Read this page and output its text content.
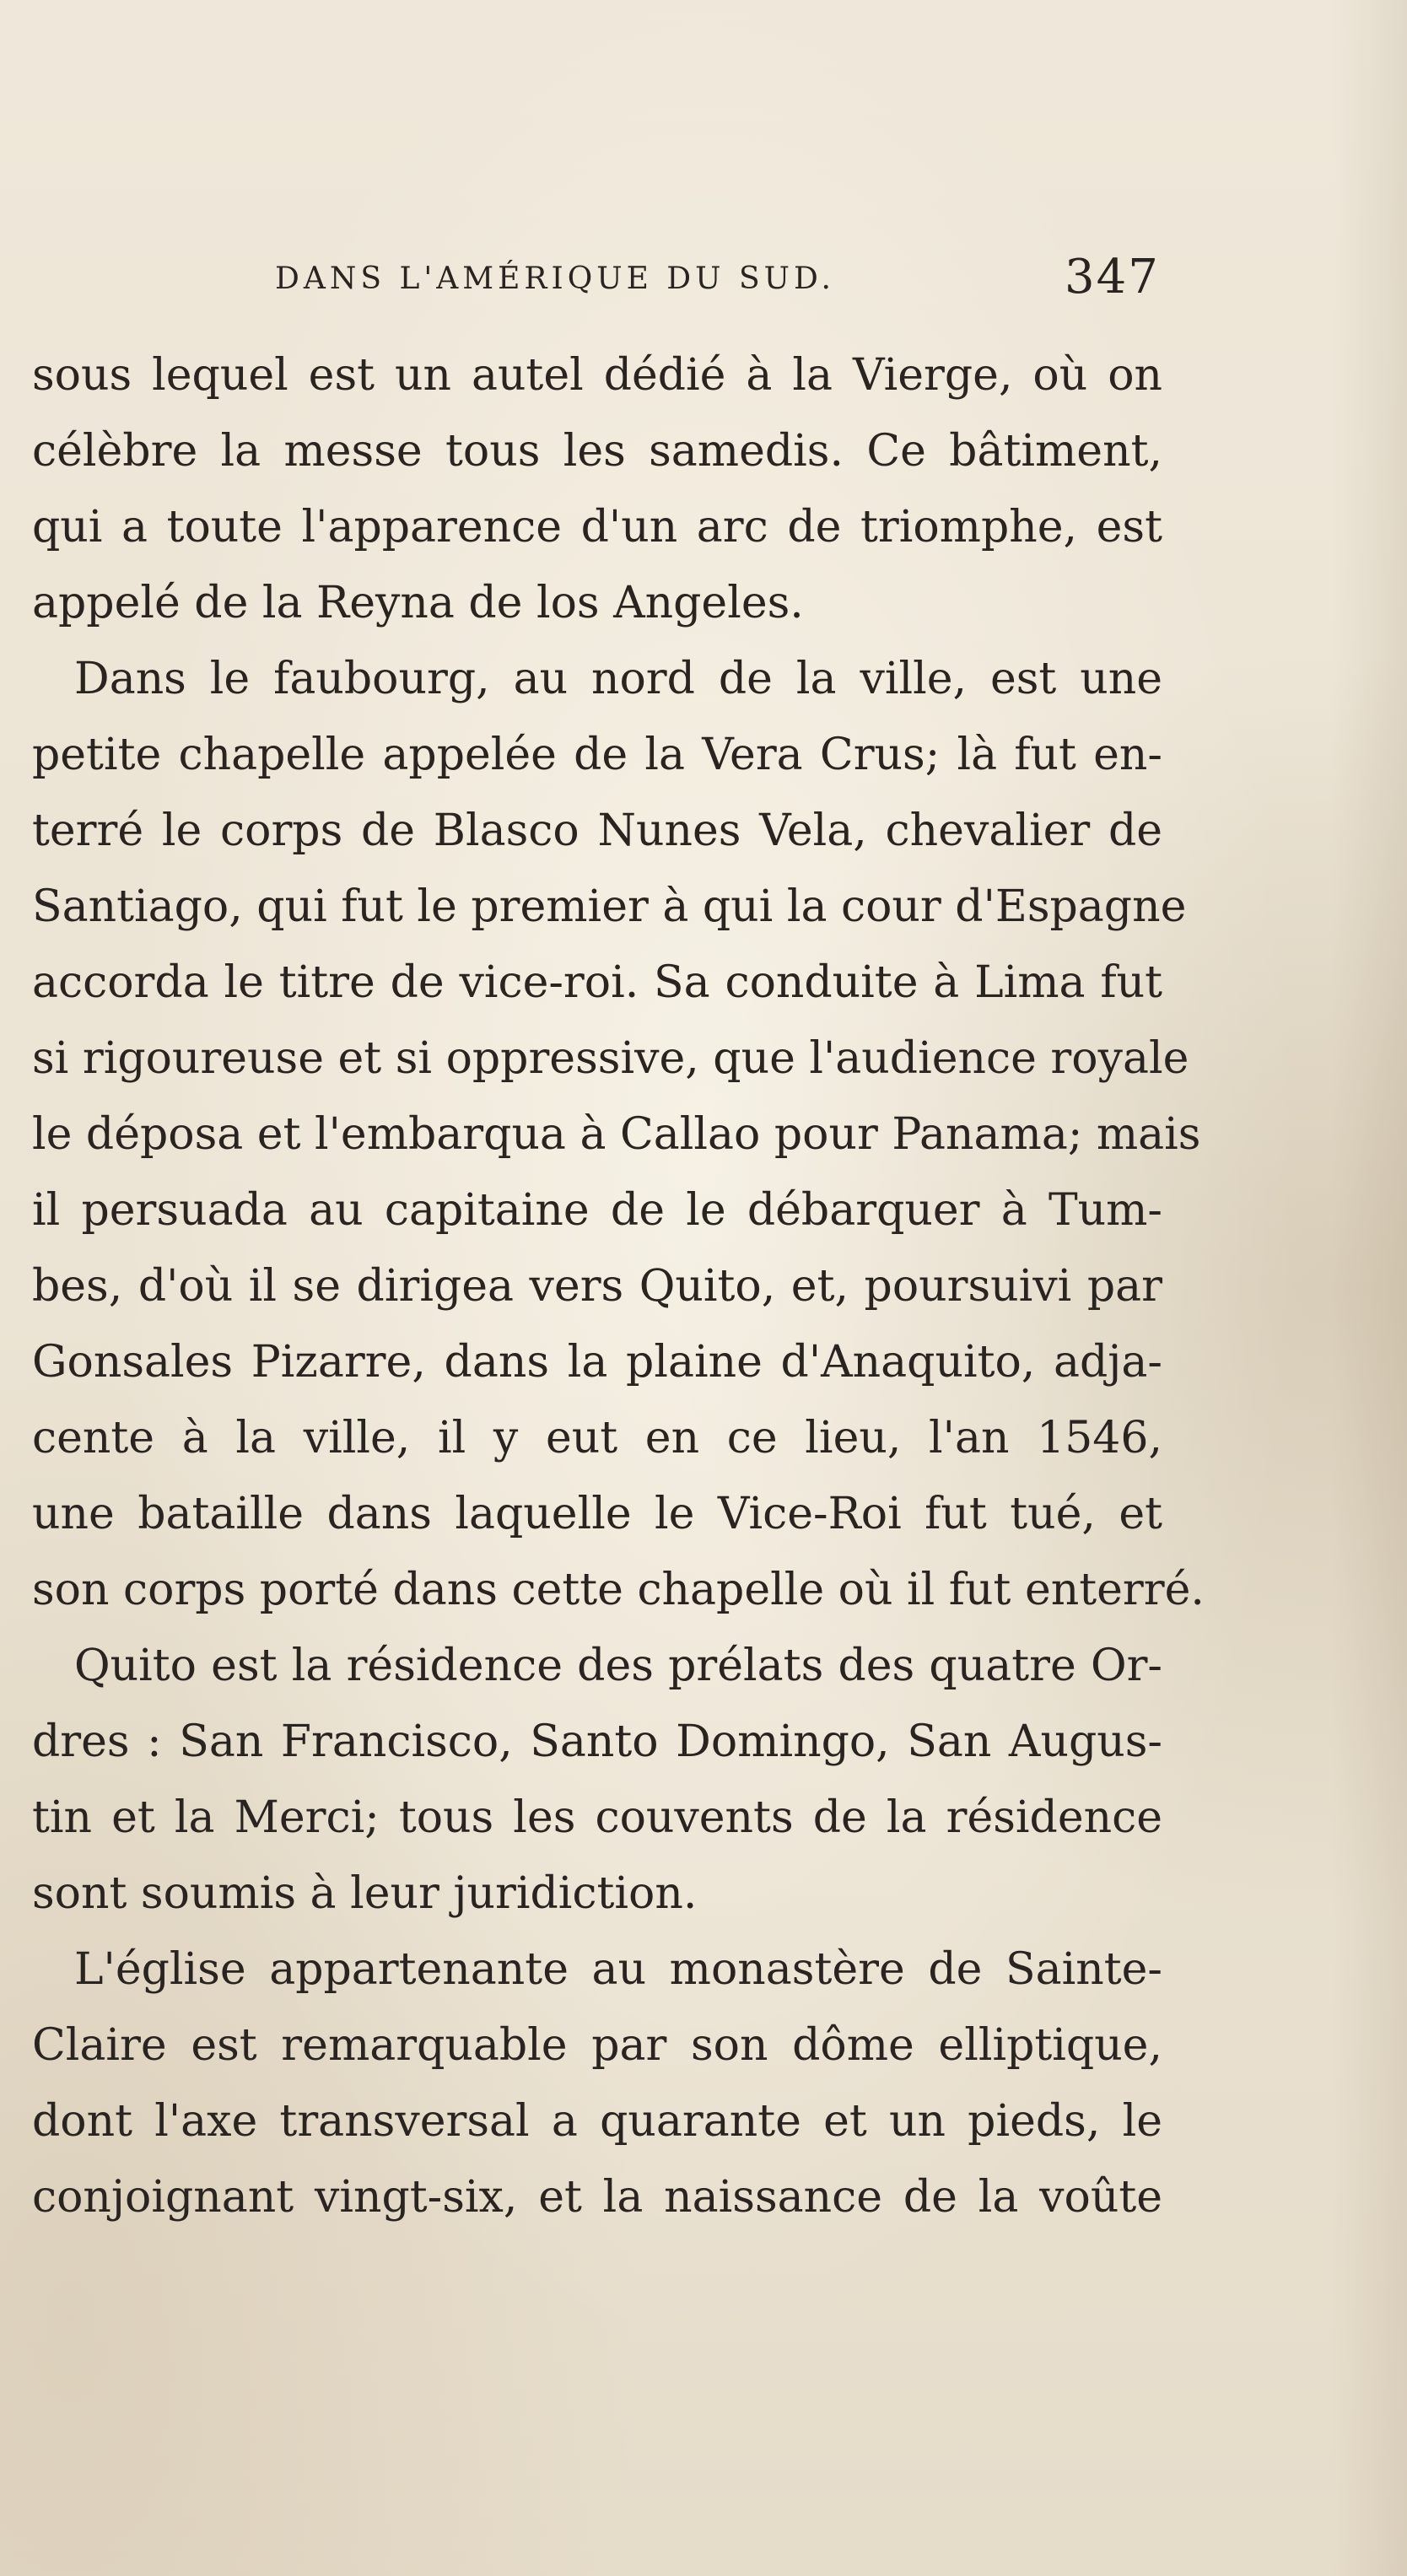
DANS L'AMÉRIQUE DU SUD.	347
sous lequel est un autel dédié à la Vierge, où on
célèbre la messe tous les samedis. Ce bâtiment,
qui a toute l'apparence d'un arc de triomphe, est
appelé de la Reyna de los Angeles.
Dans le faubourg, au nord de la ville, est une
petite chapelle appelée de la Vera Crus; là fut en-
terré le corps de Blasco Nunes Vela, chevalier de
Santiago, qui fut le premier à qui la cour d'Espagne
accorda le titre de vice-roi. Sa conduite à Lima fut
si rigoureuse et si oppressive, que l'audience royale
le déposa et l'embarqua à Callao pour Panama; mais
il persuada au capitaine de le débarquer à Tum-
bes, d'où il se dirigea vers Quito, et, poursuivi par
Gonsales Pizarre, dans la plaine d'Anaquito, adja-
cente à la ville, il y eut en ce lieu, l'an 1546,
une bataille dans laquelle le Vice-Roi fut tué, et
son corps porté dans cette chapelle où il fut enterré.
Quito est la résidence des prélats des quatre Or-
dres : San Francisco, Santo Domingo, San Augus-
tin et la Merci; tous les couvents de la résidence
sont soumis à leur juridiction.
L'église appartenante au monastère de Sainte-
Claire est remarquable par son dôme elliptique,
dont l'axe transversal a quarante et un pieds, le
conjoignant vingt-six, et la naissance de la voûte
